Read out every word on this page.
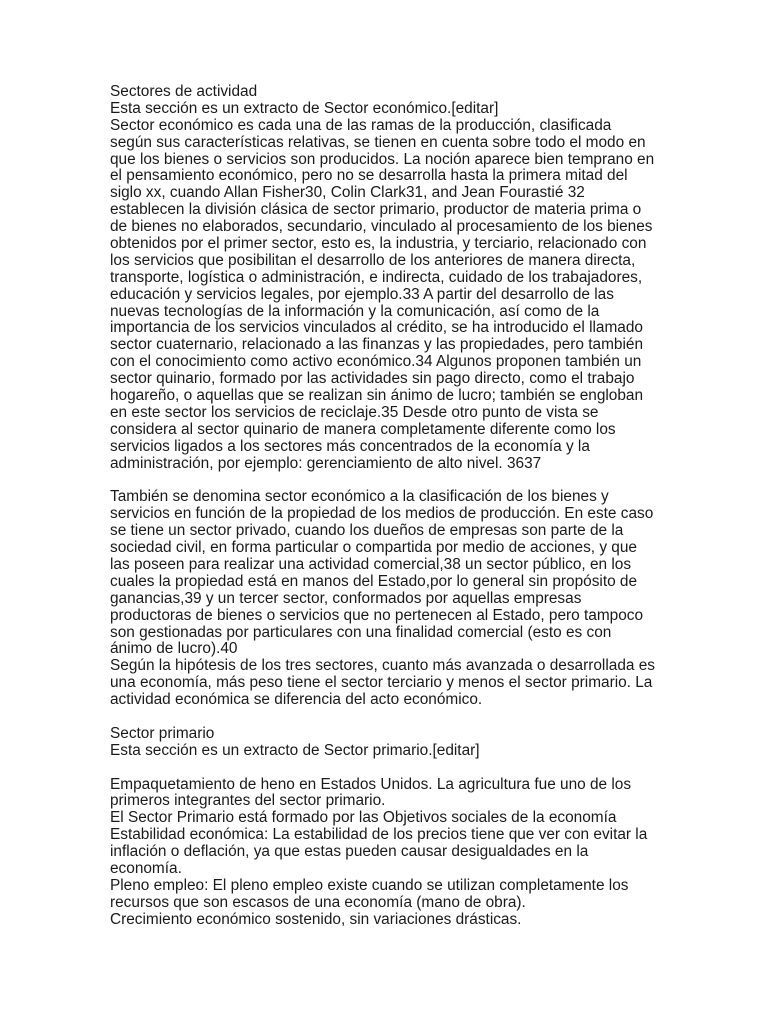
Sectores de actividad
Esta sección es un extracto de Sector económico.[editar]
Sector económico es cada una de las ramas de la producción, clasificada
según sus características relativas, se tienen en cuenta sobre todo el modo en
que los bienes o servicios son producidos. La noción aparece bien temprano en
el pensamiento económico, pero no se desarrolla hasta la primera mitad del
siglo xx, cuando Allan Fisher30, Colin Clark31, and Jean Fourastié 32
establecen la división clásica de sector primario, productor de materia prima o
de bienes no elaborados, secundario, vinculado al procesamiento de los bienes
obtenidos por el primer sector, esto es, la industria, y terciario, relacionado con
los servicios que posibilitan el desarrollo de los anteriores de manera directa,
transporte, logística o administración, e indirecta, cuidado de los trabajadores,
educación y servicios legales, por ejemplo.33 A partir del desarrollo de las
nuevas tecnologías de la información y la comunicación, así como de la
importancia de los servicios vinculados al crédito, se ha introducido el llamado
sector cuaternario, relacionado a las finanzas y las propiedades, pero también
con el conocimiento como activo económico.34 Algunos proponen también un
sector quinario, formado por las actividades sin pago directo, como el trabajo
hogareño, o aquellas que se realizan sin ánimo de lucro; también se engloban
en este sector los servicios de reciclaje.35 Desde otro punto de vista se
considera al sector quinario de manera completamente diferente como los
servicios ligados a los sectores más concentrados de la economía y la
administración, por ejemplo: gerenciamiento de alto nivel. 3637
También se denomina sector económico a la clasificación de los bienes y
servicios en función de la propiedad de los medios de producción. En este caso
se tiene un sector privado, cuando los dueños de empresas son parte de la
sociedad civil, en forma particular o compartida por medio de acciones, y que
las poseen para realizar una actividad comercial,38 un sector público, en los
cuales la propiedad está en manos del Estado,por lo general sin propósito de
ganancias,39 y un tercer sector, conformados por aquellas empresas
productoras de bienes o servicios que no pertenecen al Estado, pero tampoco
son gestionadas por particulares con una finalidad comercial (esto es con
ánimo de lucro).40
Según la hipótesis de los tres sectores, cuanto más avanzada o desarrollada es
una economía, más peso tiene el sector terciario y menos el sector primario. La
actividad económica se diferencia del acto económico.
Sector primario
Esta sección es un extracto de Sector primario.[editar]
Empaquetamiento de heno en Estados Unidos. La agricultura fue uno de los
primeros integrantes del sector primario.
El Sector Primario está formado por las Objetivos sociales de la economía
Estabilidad económica: La estabilidad de los precios tiene que ver con evitar la
inflación o deflación, ya que estas pueden causar desigualdades en la
economía.
Pleno empleo: El pleno empleo existe cuando se utilizan completamente los
recursos que son escasos de una economía (mano de obra).
Crecimiento económico sostenido, sin variaciones drásticas.
